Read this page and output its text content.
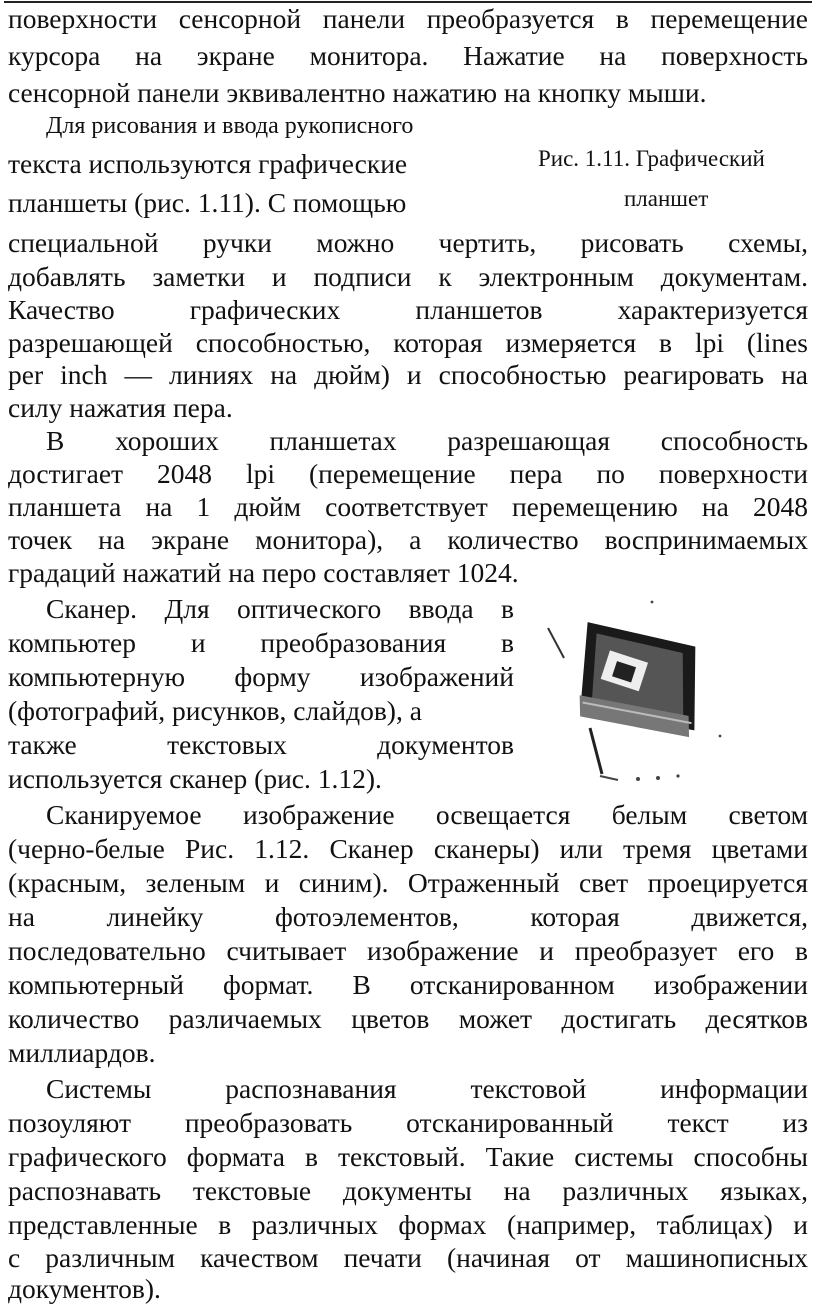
поверхности сенсорной панели преобразуется в перемещение
курсора на экране монитора. Нажатие на поверхность
сенсорной панели эквивалентно нажатию на кнопку мыши.
Для рисования и ввода рукописного
текста используются графические
планшеты (рис. 1.11). С помощью
Рис. 1.11. Графический
планшет
специальной ручки можно чертить, рисовать схемы,
добавлять заметки и подписи к электронным документам.
Качество графических планшетов характеризуется
разрешающей способностью, которая измеряется в lpi (lines
per inch — линиях на дюйм) и способностью реагировать на
силу нажатия пера.
В хороших планшетах разрешающая способность
достигает 2048 lpi (перемещение пера по поверхности
планшета на 1 дюйм соответствует перемещению на 2048
точек на экране монитора), а количество воспринимаемых
градаций нажатий на перо составляет 1024.
Сканер. Для оптического ввода в
компьютер и преобразования в
компьютерную форму изображений
(фотографий, рисунков, слайдов), а
также текстовых документов
используется сканер (рис. 1.12).
Сканируемое изображение освещается белым светом
(черно-белые Рис. 1.12. Сканер сканеры) или тремя цветами
(красным, зеленым и синим). Отраженный свет проецируется
на линейку фотоэлементов, которая движется,
последовательно считывает изображение и преобразует его в
компьютерный формат. В отсканированном изображении
количество различаемых цветов может достигать десятков
миллиардов.
Системы распознавания текстовой информации
позоуляют преобразовать отсканированный текст из
графического формата в текстовый. Такие системы способны
распознавать текстовые документы на различных языках,
представленные в различных формах (например, таблицах) и
с различным качеством печати (начиная от машинописных
документов).
